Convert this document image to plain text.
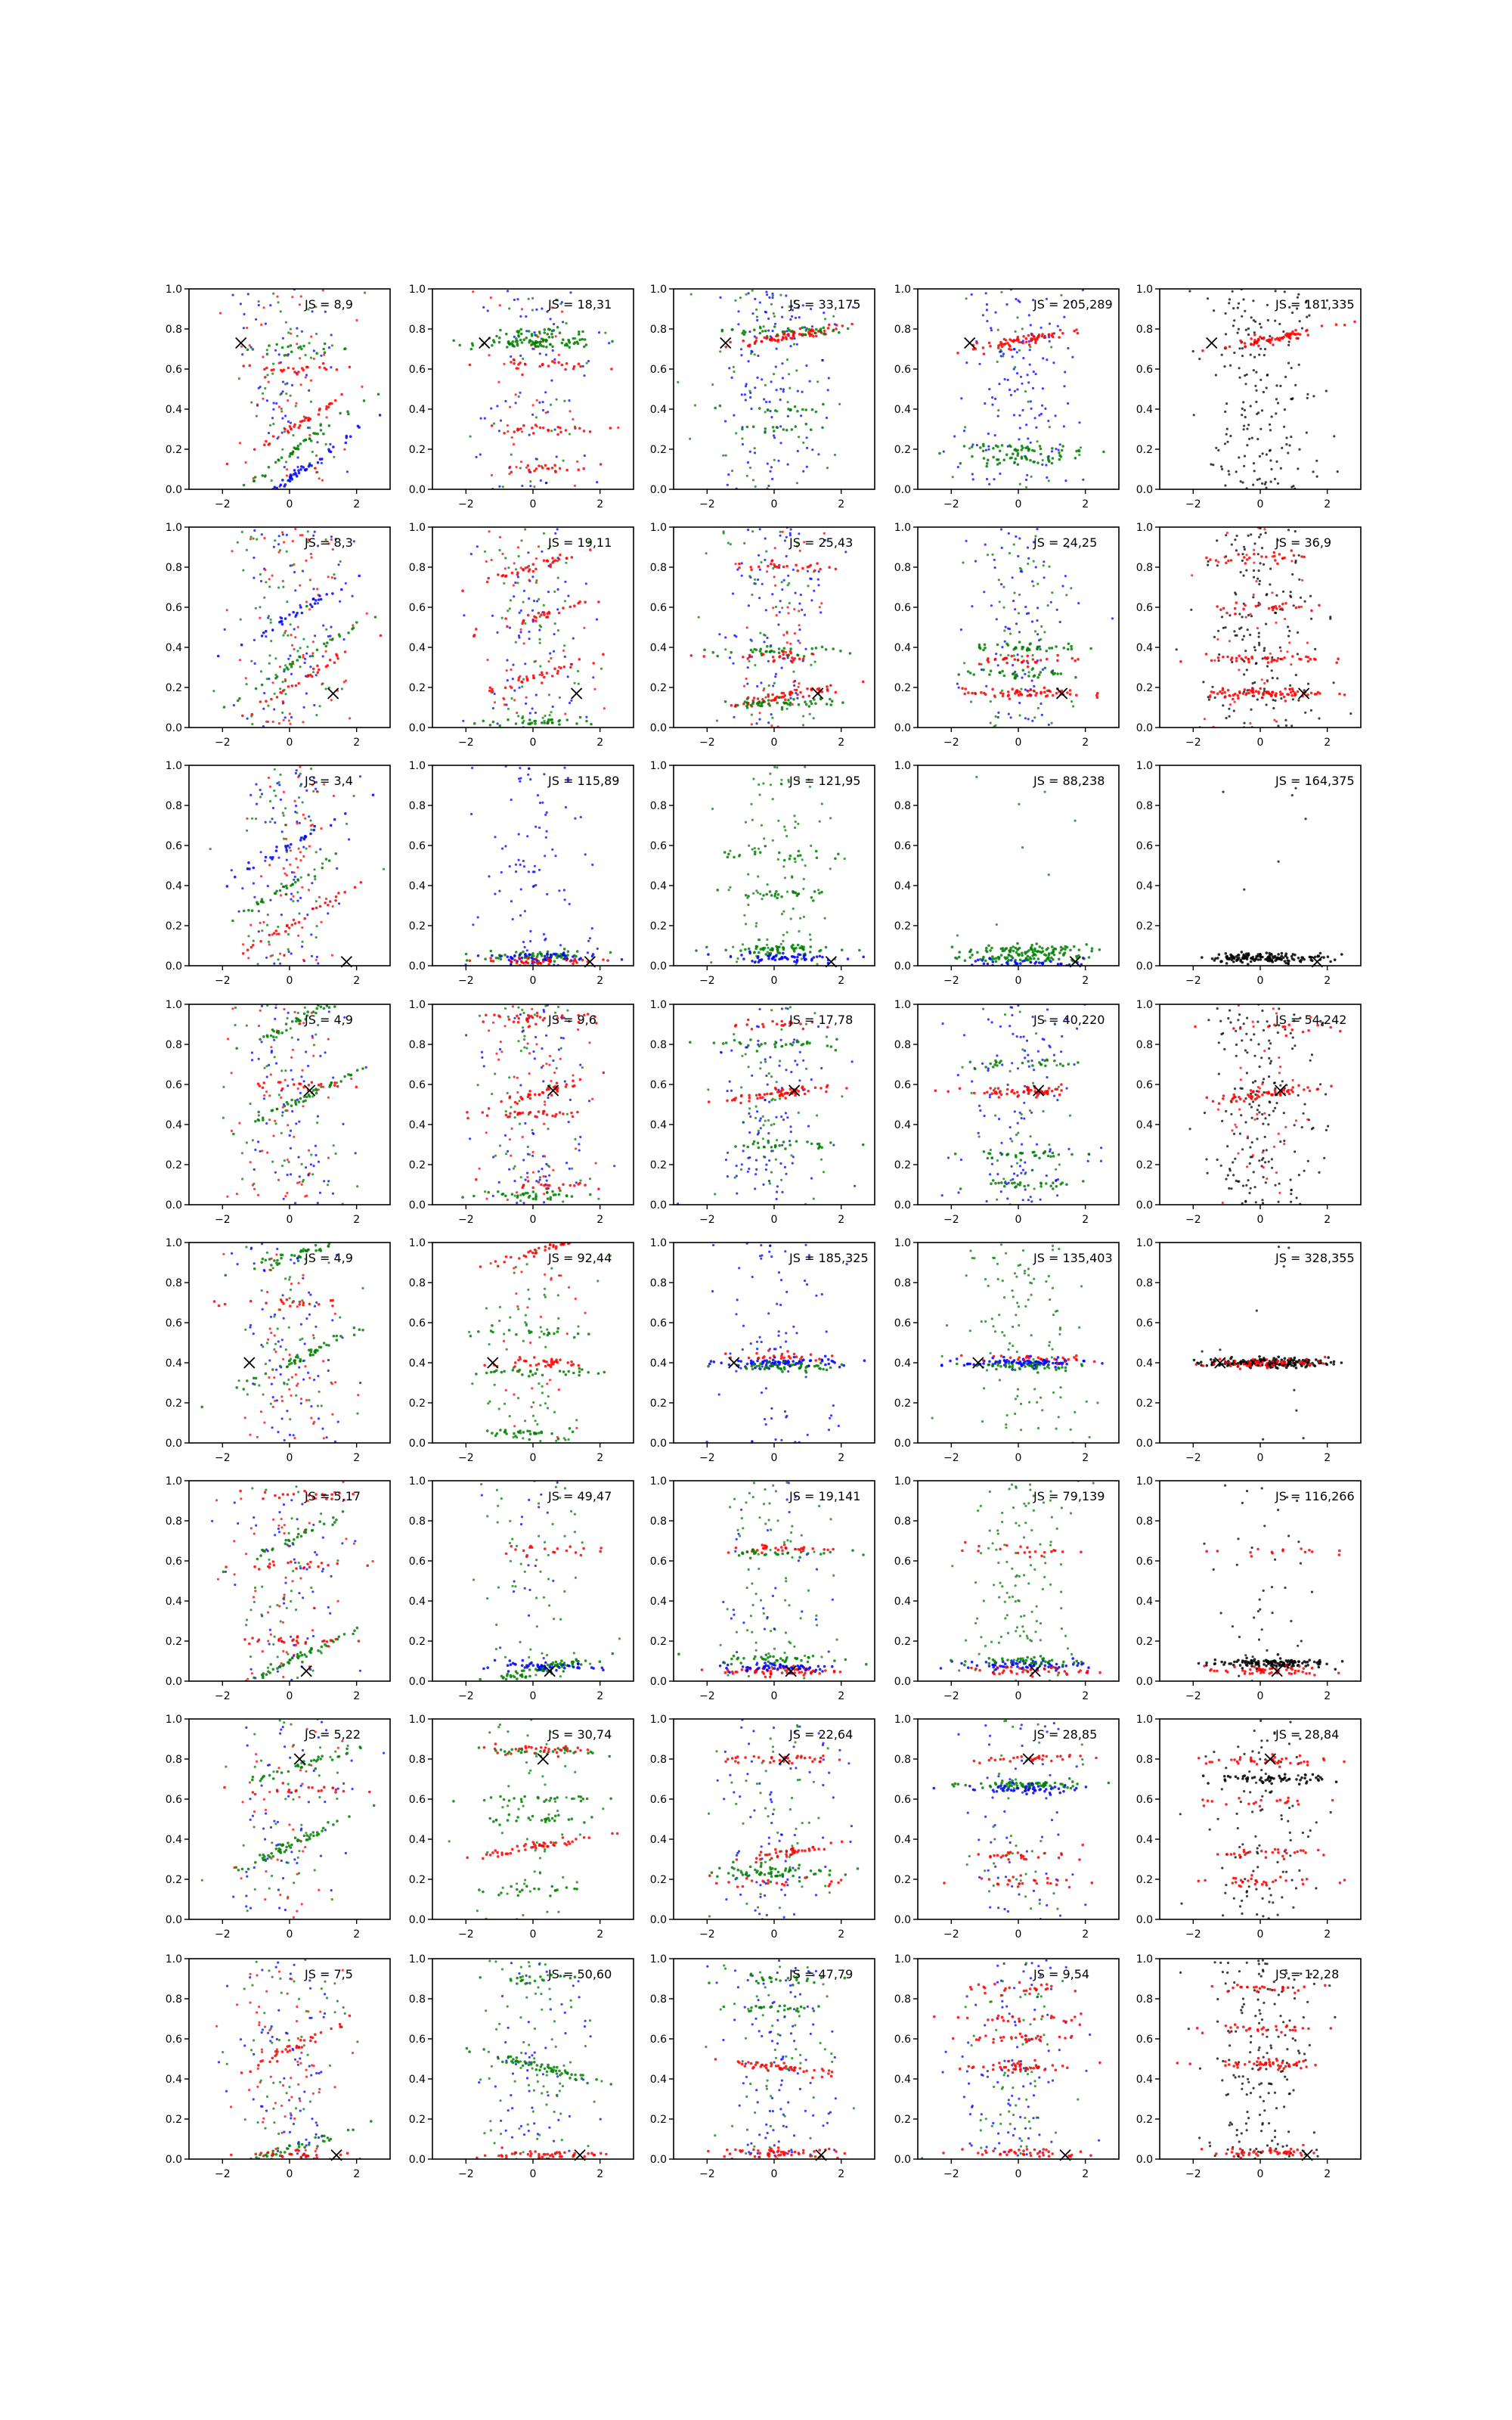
0.0
0.2
0.4
0.6
0.8
1.0
−2	0	2
JS = 8,9
0.0
0.2
0.4
0.6
0.8
1.0
−2	0	2
JS = 18,31
0.0
0.2
0.4
0.6
0.8
1.0
−2	0	2
JS = 33,175
0.0
0.2
0.4
0.6
0.8
1.0
−2	0	2
JS = 205,289
0.0
0.2
0.4
0.6
0.8
1.0
−2	0	2
JS = 181,335
0.0
0.2
0.4
0.6
0.8
1.0
−2	0	2
JS = 8,3
0.0
0.2
0.4
0.6
0.8
1.0
−2	0	2
JS = 19,11
0.0
0.2
0.4
0.6
0.8
1.0
−2	0	2
JS = 25,43
0.0
0.2
0.4
0.6
0.8
1.0
−2	0	2
JS = 24,25
0.0
0.2
0.4
0.6
0.8
1.0
−2	0	2
JS = 36,9
0.0
0.2
0.4
0.6
0.8
1.0
−2	0	2
JS = 3,4
0.0
0.2
0.4
0.6
0.8
1.0
−2	0	2
JS = 115,89
0.0
0.2
0.4
0.6
0.8
1.0
−2	0	2
JS = 121,95
0.0
0.2
0.4
0.6
0.8
1.0
−2	0	2
JS = 88,238
0.0
0.2
0.4
0.6
0.8
1.0
−2	0	2
JS = 164,375
0.0
0.2
0.4
0.6
0.8
1.0
−2	0	2
JS = 4,9
0.0
0.2
0.4
0.6
0.8
1.0
−2	0	2
JS = 9,6
0.0
0.2
0.4
0.6
0.8
1.0
−2	0	2
JS = 17,78
0.0
0.2
0.4
0.6
0.8
1.0
−2	0	2
JS = 40,220
0.0
0.2
0.4
0.6
0.8
1.0
−2	0	2
JS = 54,242
0.0
0.2
0.4
0.6
0.8
1.0
−2	0	2
JS = 4,9
0.0
0.2
0.4
0.6
0.8
1.0
−2	0	2
JS = 92,44
0.0
0.2
0.4
0.6
0.8
1.0
−2	0	2
JS = 185,325
0.0
0.2
0.4
0.6
0.8
1.0
−2	0	2
JS = 135,403
0.0
0.2
0.4
0.6
0.8
1.0
−2	0	2
JS = 328,355
0.0
0.2
0.4
0.6
0.8
1.0
−2	0	2
JS = 5,17
0.0
0.2
0.4
0.6
0.8
1.0
−2	0	2
JS = 49,47
0.0
0.2
0.4
0.6
0.8
1.0
−2	0	2
JS = 19,141
0.0
0.2
0.4
0.6
0.8
1.0
−2	0	2
JS = 79,139
0.0
0.2
0.4
0.6
0.8
1.0
−2	0	2
JS = 116,266
0.0
0.2
0.4
0.6
0.8
1.0
−2	0	2
JS = 5,22
0.0
0.2
0.4
0.6
0.8
1.0
−2	0	2
JS = 30,74
0.0
0.2
0.4
0.6
0.8
1.0
−2	0	2
JS = 22,64
0.0
0.2
0.4
0.6
0.8
1.0
−2	0	2
JS = 28,85
0.0
0.2
0.4
0.6
0.8
1.0
−2	0	2
JS = 28,84
0.0
0.2
0.4
0.6
0.8
1.0
−2	0	2
JS = 7,5
0.0
0.2
0.4
0.6
0.8
1.0
−2	0	2
JS = 50,60
0.0
0.2
0.4
0.6
0.8
1.0
−2	0	2
JS = 47,79
0.0
0.2
0.4
0.6
0.8
1.0
−2	0	2
JS = 9,54
0.0
0.2
0.4
0.6
0.8
1.0
−2	0	2
JS = 12,28
